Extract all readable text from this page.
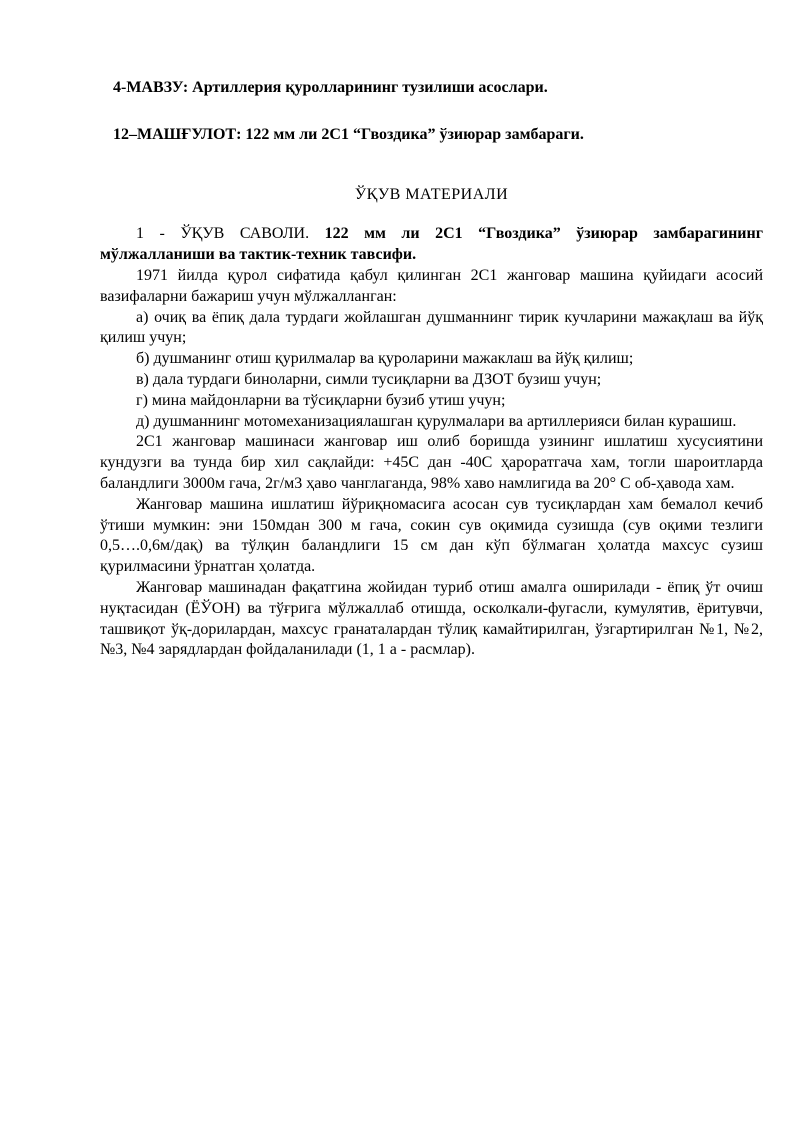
4-МАВЗУ: Артиллерия қуролларининг тузилиши асослари.

12–МАШҒУЛОТ: 122 мм ли 2С1 “Гвоздика” ўзиюрар замбараги.

ЎҚУВ МАТЕРИАЛИ

1 - ЎҚУВ САВОЛИ. 122 мм ли 2С1 “Гвоздика” ўзиюрар замбарагининг мўлжалланиши ва тактик-техник тавсифи.

1971 йилда қурол сифатида қабул қилинган 2С1 жанговар машина қуйидаги асосий вазифаларни бажариш учун мўлжалланган:

а) очиқ ва ёпиқ дала турдаги жойлашган душманнинг тирик кучларини мажақлаш ва йўқ қилиш учун;

б) душманинг отиш қурилмалар ва қуроларини мажаклаш ва йўқ қилиш;

в) дала турдаги биноларни, симли тусиқларни ва ДЗОТ бузиш учун;

г) мина майдонларни ва тўсиқларни бузиб утиш учун;

д) душманнинг мотомеханизациялашган қурулмалари ва артиллерияси билан курашиш.

2С1 жанговар машинаси жанговар иш олиб боришда узининг ишлатиш хусусиятини кундузги ва тунда бир хил сақлайди: +45С дан -40С ҳароратгача хам, тогли шароитларда баландлиги 3000м гача, 2г/м3 ҳаво чанглаганда, 98% хаво намлигида ва 20° С об-ҳавода хам.

Жанговар машина ишлатиш йўриқномасига асосан сув тусиқлардан хам бемалол кечиб ўтиши мумкин: эни 150мдан 300 м гача, сокин сув оқимида сузишда (сув оқими тезлиги 0,5….0,6м/дақ) ва тўлқин баландлиги 15 см дан кўп бўлмаган ҳолатда махсус сузиш қурилмасини ўрнатган ҳолатда.

Жанговар машинадан фақатгина жойидан туриб отиш амалга оширилади - ёпиқ ўт очиш нуқтасидан (ЁЎОН) ва тўғрига мўлжаллаб отишда, осколкали-фугасли, кумулятив, ёритувчи, ташвиқот ўқ-дорилардан, махсус гранаталардан тўлиқ камайтирилган, ўзгартирилган №1, №2, №3, №4 зарядлардан фойдаланилади (1, 1 а - расмлар).
